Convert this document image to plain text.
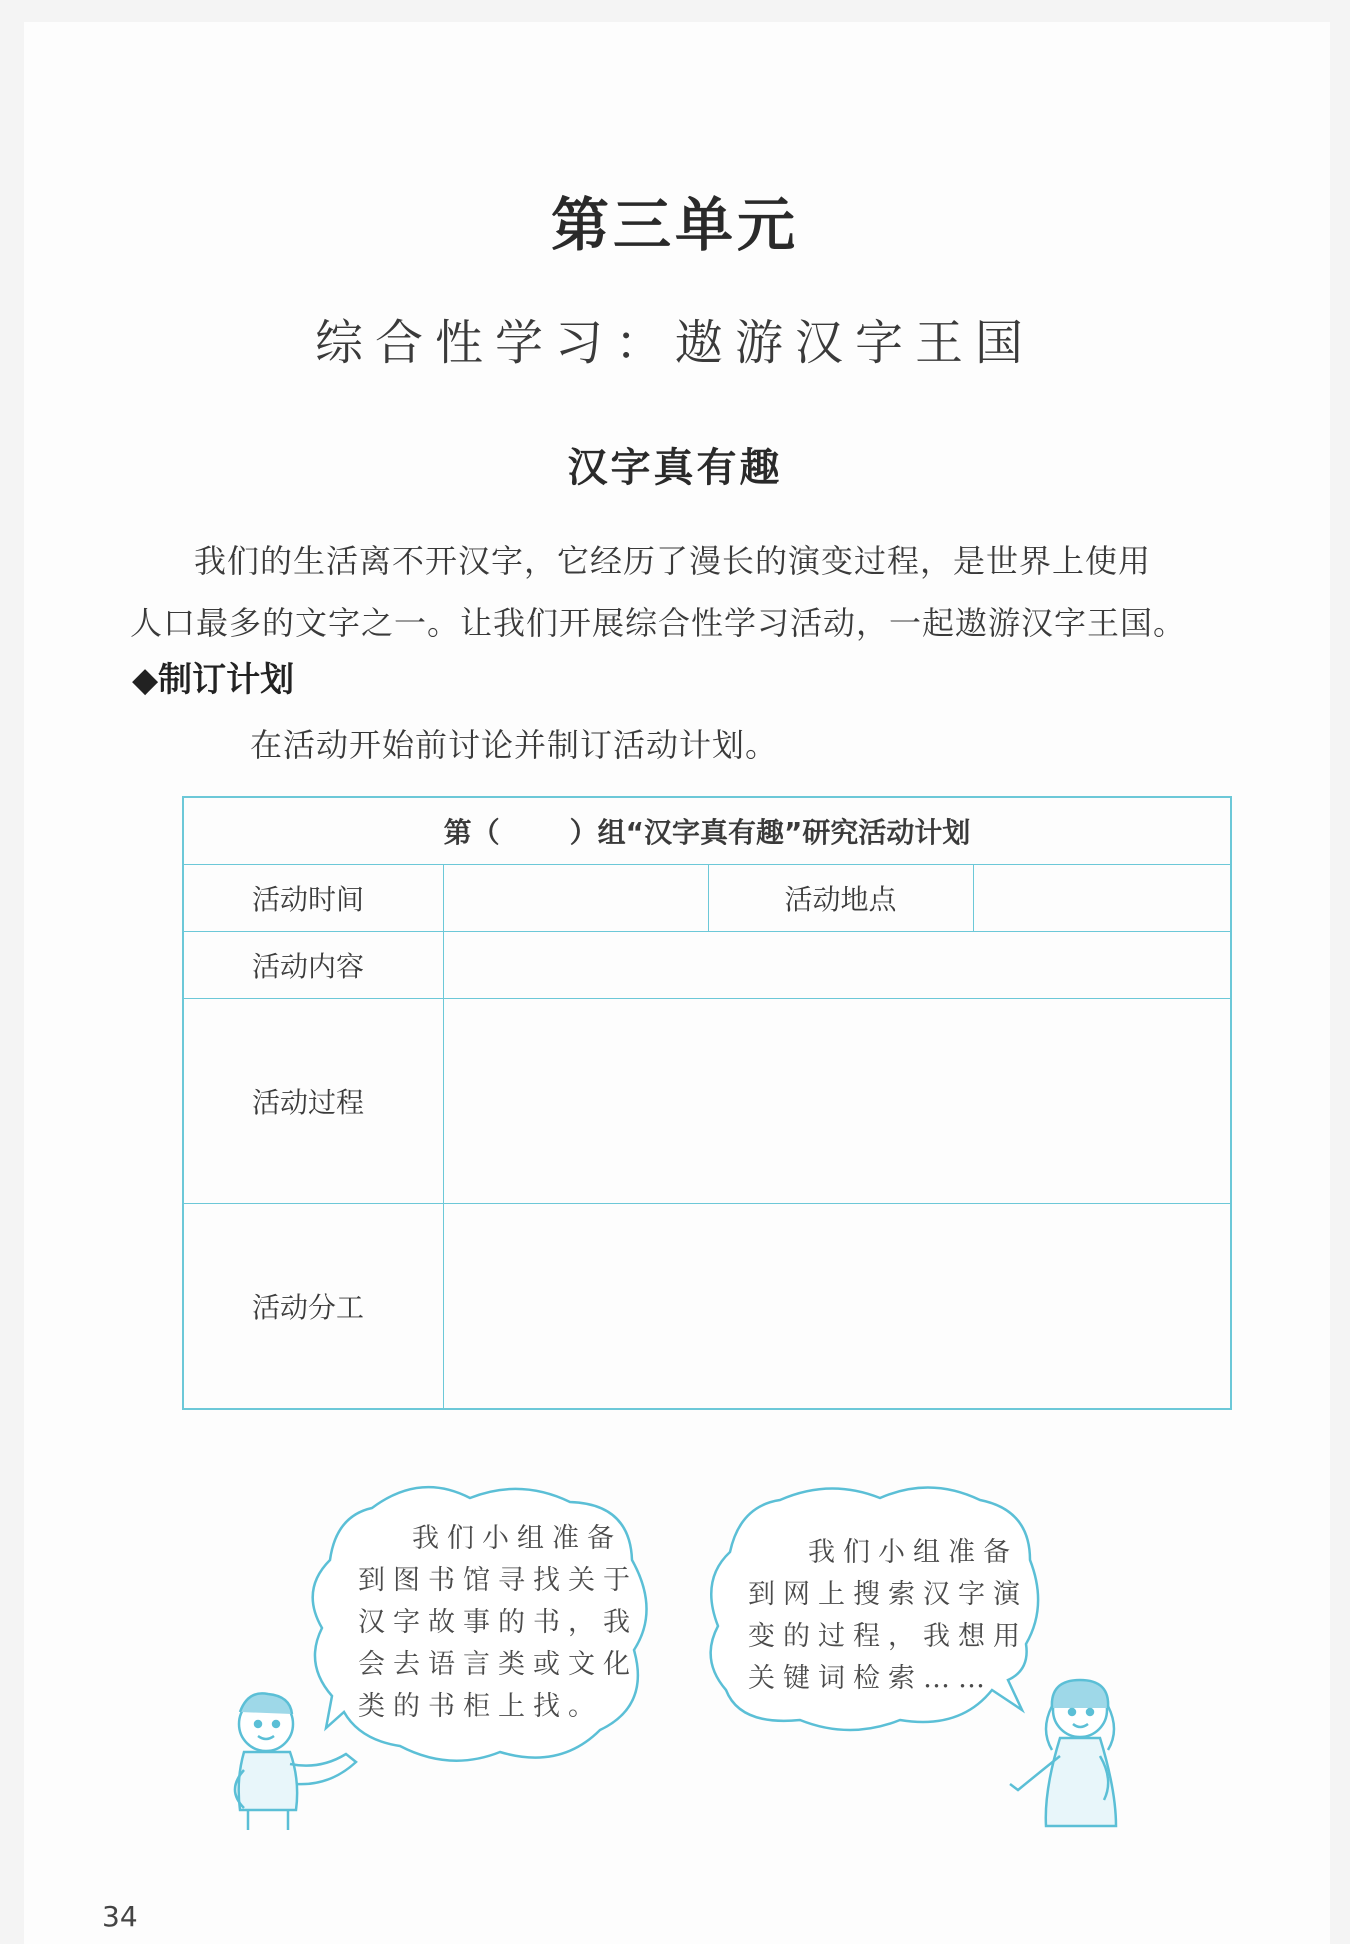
第三单元
综合性学习：遨游汉字王国
汉字真有趣

我们的生活离不开汉字，它经历了漫长的演变过程，是世界上使用

人口最多的文字之一。让我们开展综合性学习活动，一起遨游汉字王国。
◆制订计划
在活动开始前讨论并制订活动计划。
第（ ）组“汉字真有趣”研究活动计划			
活动时间		活动地点	
活动内容			
活动过程			
活动分工			

我们小组准备

到图书馆寻找关于

汉字故事的书，我

会去语言类或文化

类的书柜上找。

我们小组准备

到网上搜索汉字演

变的过程，我想用

关键词检索……

34
